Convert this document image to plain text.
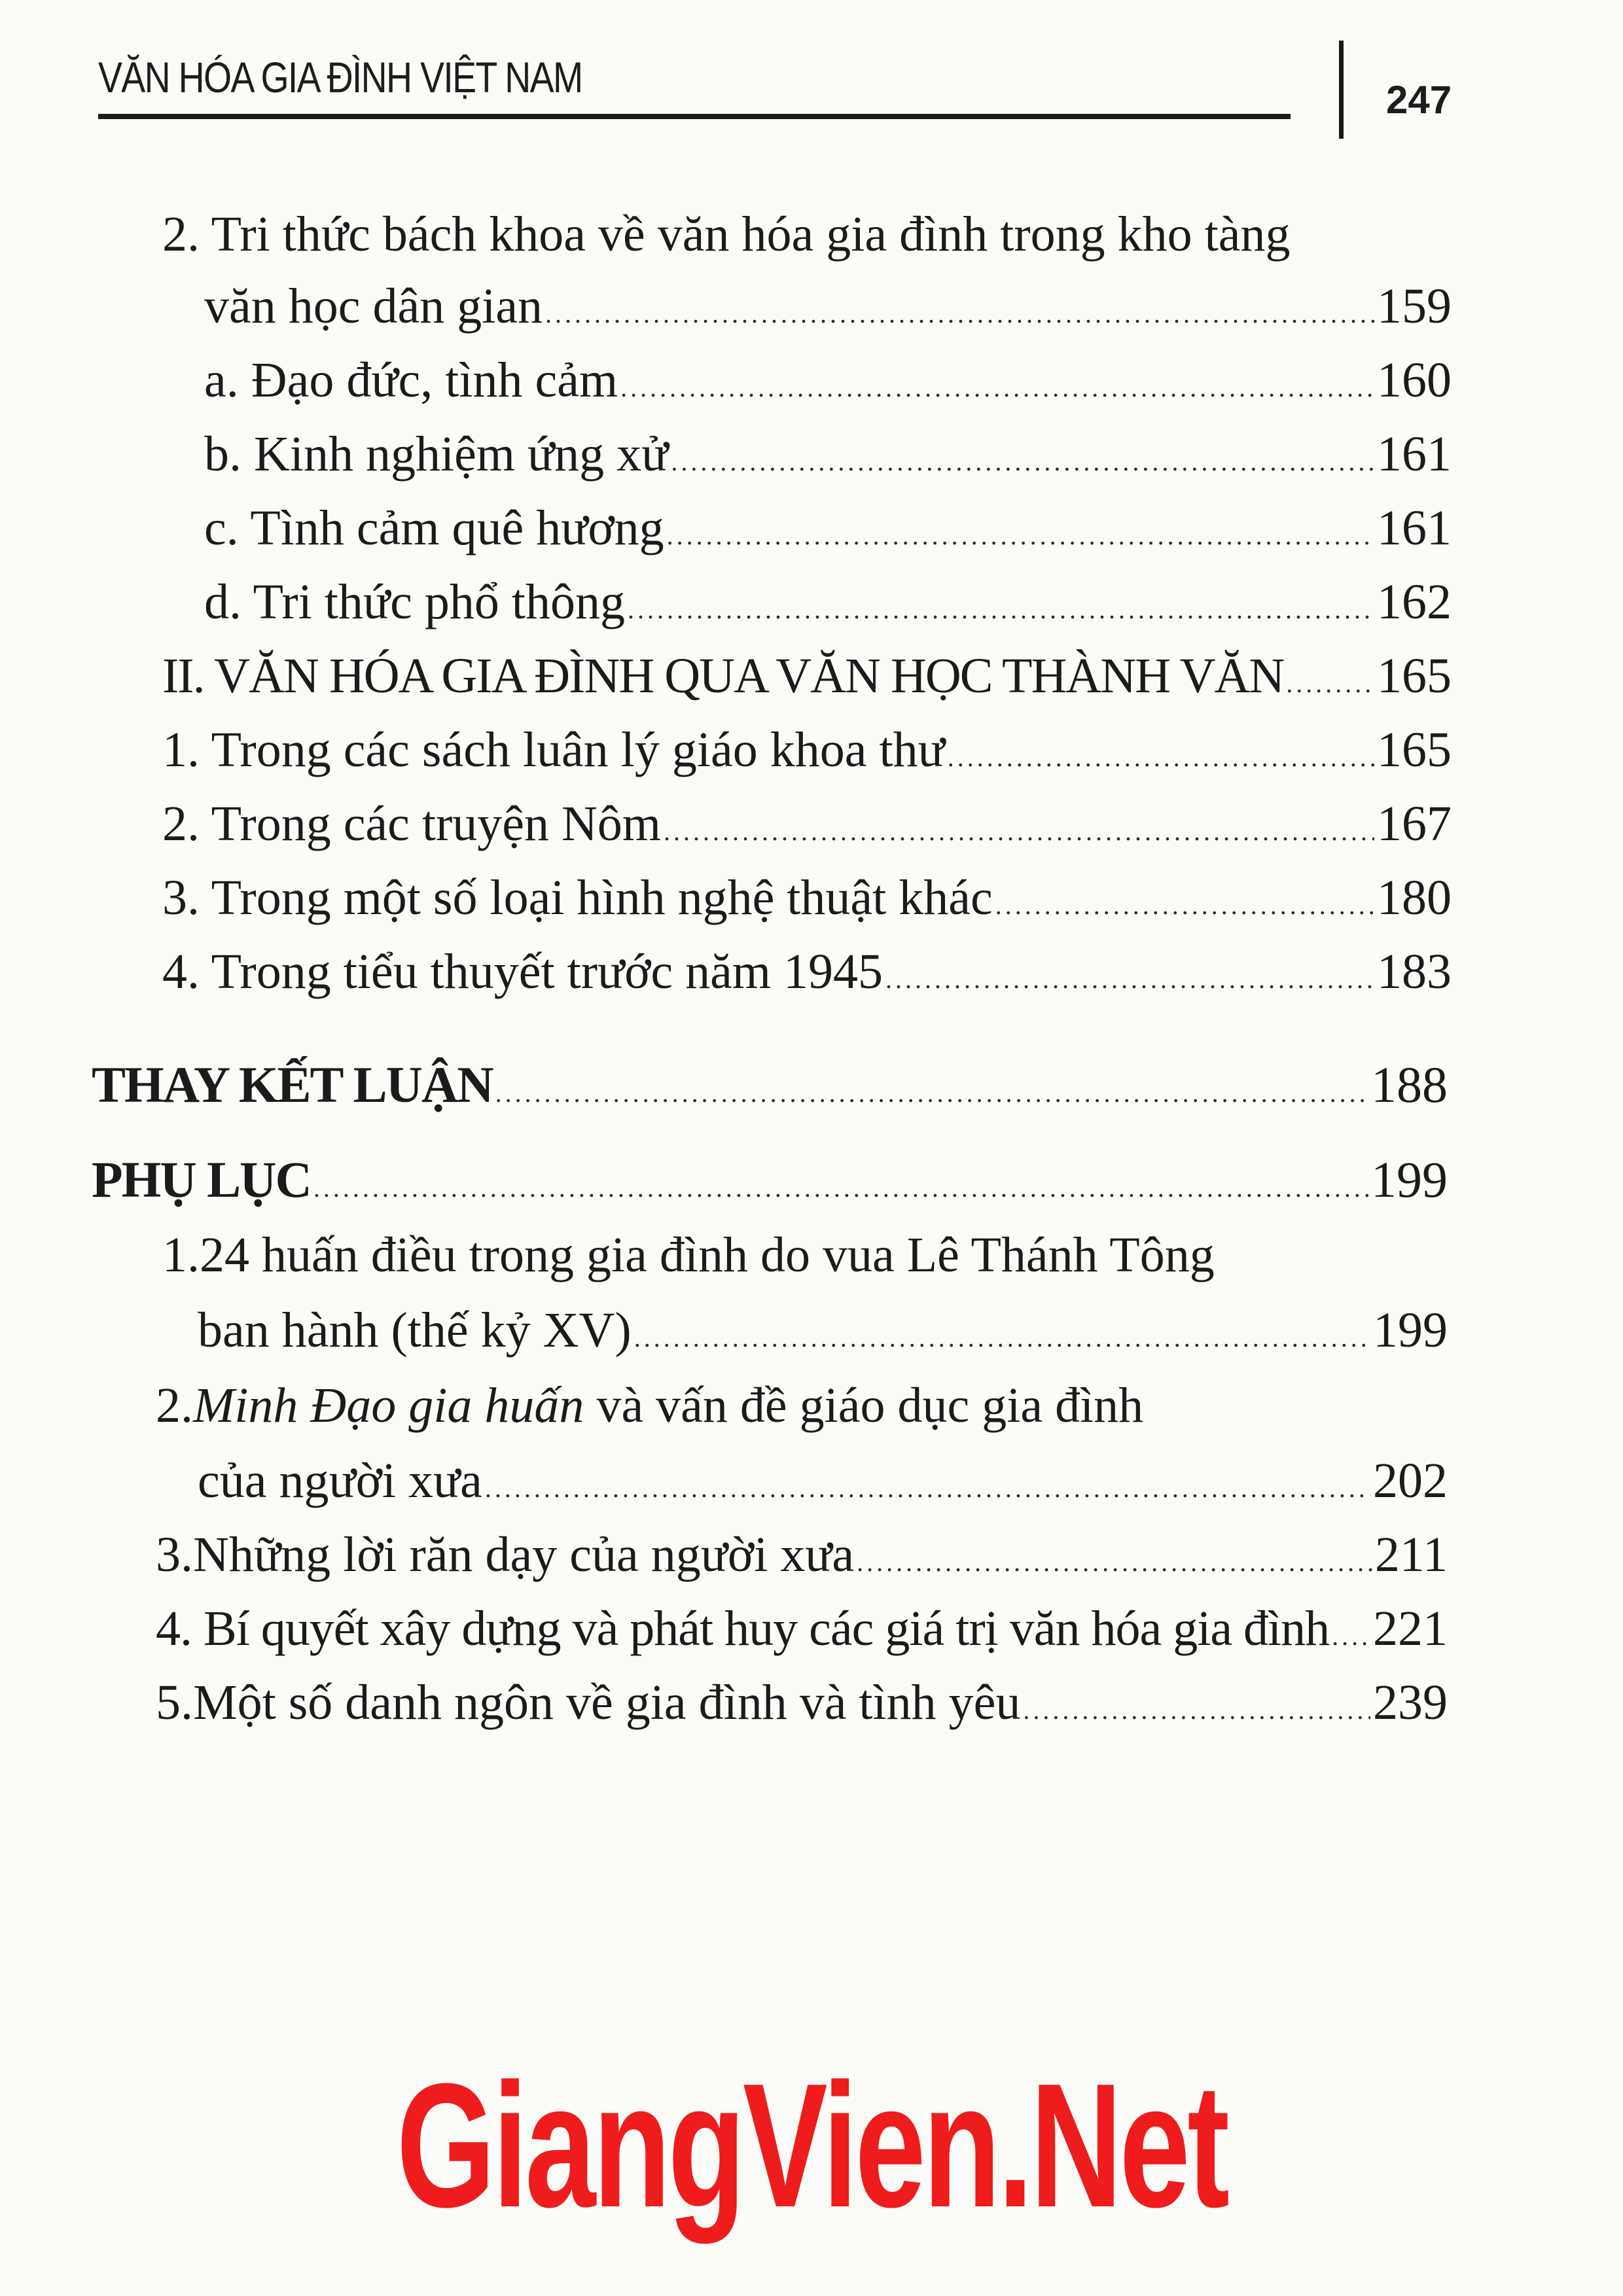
VĂN HÓA GIA ĐÌNH VIỆT NAM	247
2. Tri thức bách khoa về văn hóa gia đình trong kho tàng
văn học dân gian .....	159
a. Đạo đức, tình cảm .....	160
b. Kinh nghiệm ứng xử .....	161
c. Tình cảm quê hương .....	161
d. Tri thức phổ thông .....	162
II. VĂN HÓA GIA ĐÌNH QUA VĂN HỌC THÀNH VĂN ..... 165
1. Trong các sách luân lý giáo khoa thư .....	165
2. Trong các truyện Nôm .....	167
3. Trong một số loại hình nghệ thuật khác .....	180
4. Trong tiểu thuyết trước năm 1945 .....	183
THAY KẾT LUẬN .....	188
PHỤ LỤC .....	199
1.24 huấn điều trong gia đình do vua Lê Thánh Tông
ban hành (thế kỷ XV) .....	199
2.Minh Đạo gia huấn và vấn đề giáo dục gia đình
của người xưa .....	202
3.Những lời răn dạy của người xưa .....	211
4. Bí quyết xây dựng và phát huy các giá trị văn hóa gia đình ..... 221
5.Một số danh ngôn về gia đình và tình yêu .....	239
GiangVien.Net
